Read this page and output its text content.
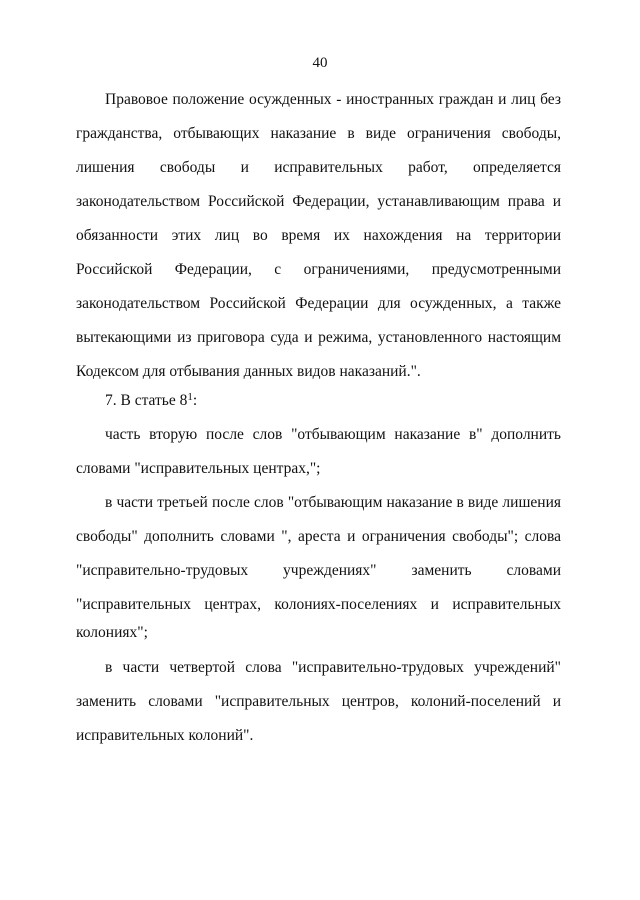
40
Правовое положение осужденных - иностранных граждан и лиц без
гражданства, отбывающих наказание в виде ограничения свободы,
лишения свободы и исправительных работ, определяется
законодательством Российской Федерации, устанавливающим права и
обязанности этих лиц во время их нахождения на территории
Российской Федерации, с ограничениями, предусмотренными
законодательством Российской Федерации для осужденных, а также
вытекающими из приговора суда и режима, установленного настоящим
Кодексом для отбывания данных видов наказаний.".
7. В статье $8^1$:
часть вторую после слов "отбывающим наказание в" дополнить
словами "исправительных центрах,";
в части третьей после слов "отбывающим наказание в виде лишения
свободы" дополнить словами ", ареста и ограничения свободы"; слова
"исправительно-трудовых учреждениях" заменить словами
"исправительных центрах, колониях-поселениях и исправительных
колониях";
в части четвертой слова "исправительно-трудовых учреждений"
заменить словами "исправительных центров, колоний-поселений и
исправительных колоний".
